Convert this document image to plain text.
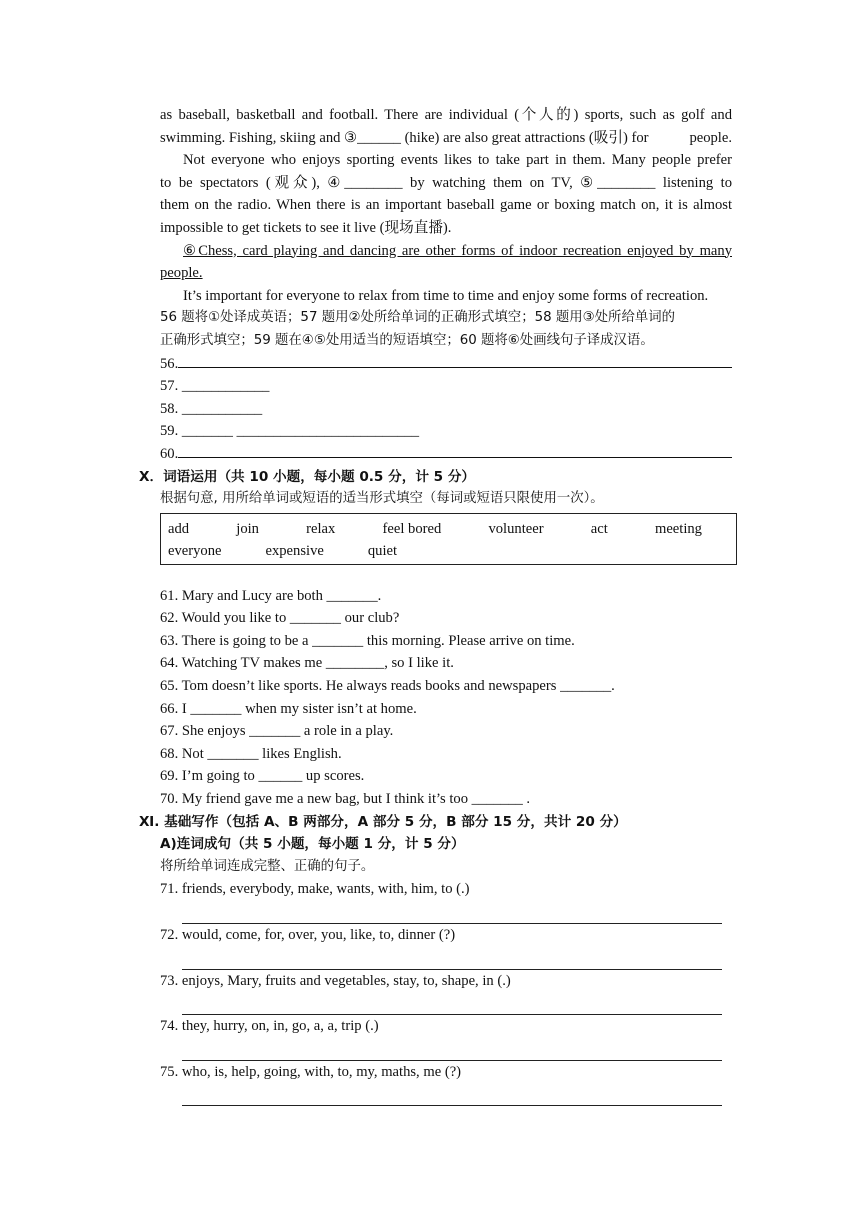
as baseball, basketball and football. There are individual (个人的) sports, such as golf and
swimming. Fishing, skiing and ③______ (hike) are also great attractions (吸引) for	people.
Not everyone who enjoys sporting events likes to take part in them. Many people prefer
to be spectators (观众), ④________ by watching them on TV, ⑤________ listening to
them on the radio. When there is an important baseball game or boxing match on, it is almost
impossible to get tickets to see it live (现场直播).
⑥Chess, card playing and dancing are other forms of indoor recreation enjoyed by many
people.
It’s important for everyone to relax from time to time and enjoy some forms of recreation.
56 题将①处译成英语；57 题用②处所给单词的正确形式填空；58 题用③处所给单词的
正确形式填空；59 题在④⑤处用适当的短语填空；60 题将⑥处画线句子译成汉语。
56.
57. ____________
58. ___________
59. _______ _________________________
60.
Ⅹ．词语运用（共 10 小题，每小题 0.5 分，计 5 分）
根据句意, 用所给单词或短语的适当形式填空（每词或短语只限使用一次）。
add	join	relax	feel bored	volunteer	act	meeting
everyone	expensive	quiet
61. Mary and Lucy are both _______.
62. Would you like to _______ our club?
63. There is going to be a _______ this morning. Please arrive on time.
64. Watching TV makes me ________, so I like it.
65. Tom doesn’t like sports. He always reads books and newspapers _______.
66. I _______ when my sister isn’t at home.
67. She enjoys _______ a role in a play.
68. Not _______ likes English.
69. I’m going to ______ up scores.
70. My friend gave me a new bag, but I think it’s too _______ .
Ⅺ. 基础写作（包括 A、B 两部分，A 部分 5 分，B 部分 15 分，共计 20 分）
A)连词成句（共 5 小题，每小题 1 分，计 5 分）
将所给单词连成完整、正确的句子。
71. friends, everybody, make, wants, with, him, to (.)
72. would, come, for, over, you, like, to, dinner (?)
73. enjoys, Mary, fruits and vegetables, stay, to, shape, in (.)
74. they, hurry, on, in, go, a, a, trip (.)
75. who, is, help, going, with, to, my, maths, me (?)
